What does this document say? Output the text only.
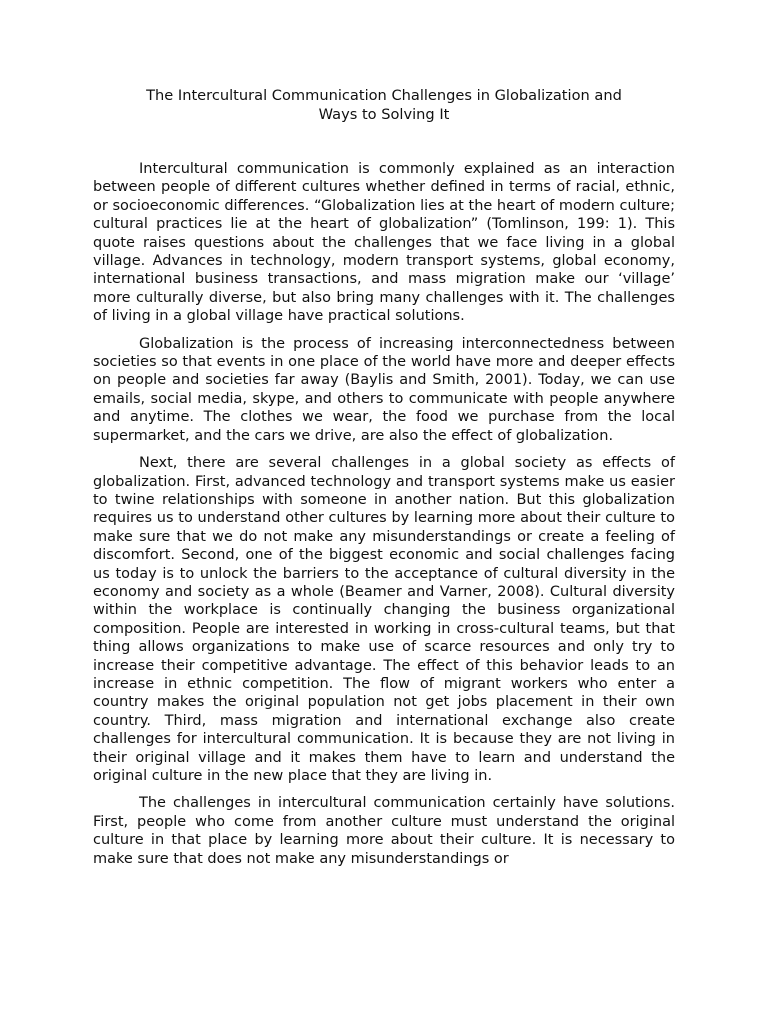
The Intercultural Communication Challenges in Globalization and
Ways to Solving It

Intercultural communication is commonly explained as an interaction between people of different cultures whether defined in terms of racial, ethnic, or socioeconomic differences. “Globalization lies at the heart of modern culture; cultural practices lie at the heart of globalization” (Tomlinson, 199: 1). This quote raises questions about the challenges that we face living in a global village. Advances in technology, modern transport systems, global economy, international business transactions, and mass migration make our ‘village’ more culturally diverse, but also bring many challenges with it. The challenges of living in a global village have practical solutions.

Globalization is the process of increasing interconnectedness between societies so that events in one place of the world have more and deeper effects on people and societies far away (Baylis and Smith, 2001). Today, we can use emails, social media, skype, and others to communicate with people anywhere and anytime. The clothes we wear, the food we purchase from the local supermarket, and the cars we drive, are also the effect of globalization.

Next, there are several challenges in a global society as effects of globalization. First, advanced technology and transport systems make us easier to twine relationships with someone in another nation. But this globalization requires us to understand other cultures by learning more about their culture to make sure that we do not make any misunderstandings or create a feeling of discomfort. Second, one of the biggest economic and social challenges facing us today is to unlock the barriers to the acceptance of cultural diversity in the economy and society as a whole (Beamer and Varner, 2008). Cultural diversity within the workplace is continually changing the business organizational composition. People are interested in working in cross-cultural teams, but that thing allows organizations to make use of scarce resources and only try to increase their competitive advantage. The effect of this behavior leads to an increase in ethnic competition. The flow of migrant workers who enter a country makes the original population not get jobs placement in their own country. Third, mass migration and international exchange also create challenges for intercultural communication. It is because they are not living in their original village and it makes them have to learn and understand the original culture in the new place that they are living in.

The challenges in intercultural communication certainly have solutions. First, people who come from another culture must understand the original culture in that place by learning more about their culture. It is necessary to make sure that does not make any misunderstandings or
